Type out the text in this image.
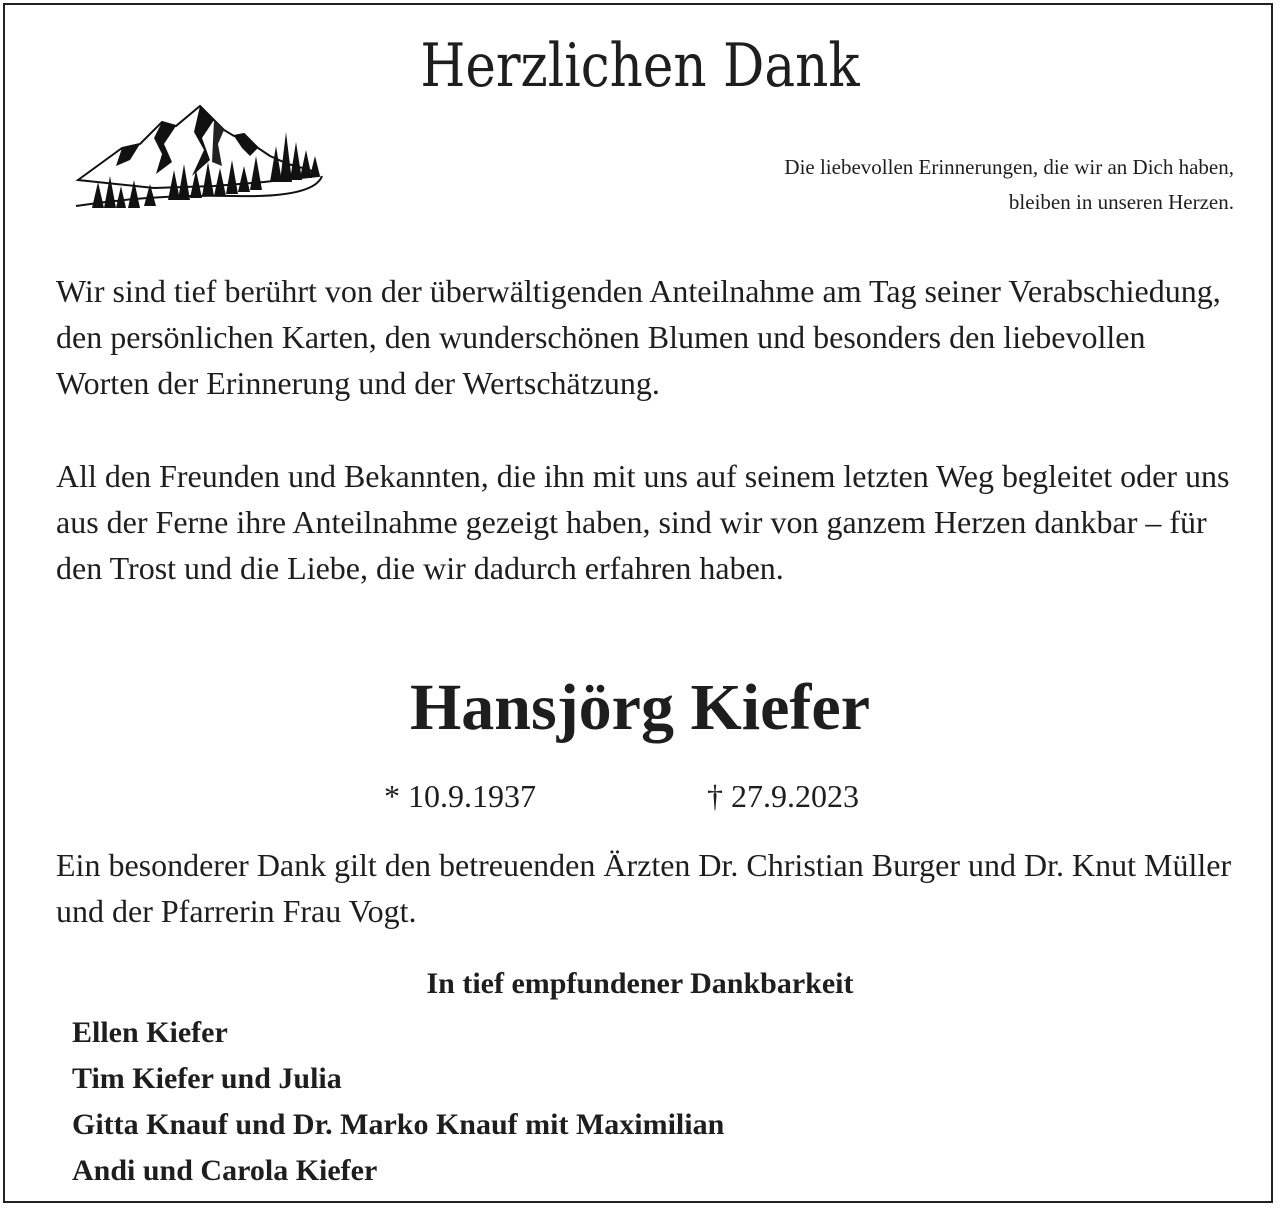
Herzlichen Dank
Die liebevollen Erinnerungen, die wir an Dich haben,
bleiben in unseren Herzen.
Wir sind tief berührt von der überwältigenden Anteilnahme am Tag seiner Verabschiedung, den persönlichen Karten, den wunderschönen Blumen und besonders den liebevollen Worten der Erinnerung und der Wertschätzung.
All den Freunden und Bekannten, die ihn mit uns auf seinem letzten Weg begleitet oder uns aus der Ferne ihre Anteilnahme gezeigt haben, sind wir von ganzem Herzen dankbar – für den Trost und die Liebe, die wir dadurch erfahren haben.
Hansjörg Kiefer
* 10.9.1937	† 27.9.2023
Ein besonderer Dank gilt den betreuenden Ärzten Dr. Christian Burger und Dr. Knut Müller und der Pfarrerin Frau Vogt.
In tief empfundener Dankbarkeit
Ellen Kiefer
Tim Kiefer und Julia
Gitta Knauf und Dr. Marko Knauf mit Maximilian
Andi und Carola Kiefer
